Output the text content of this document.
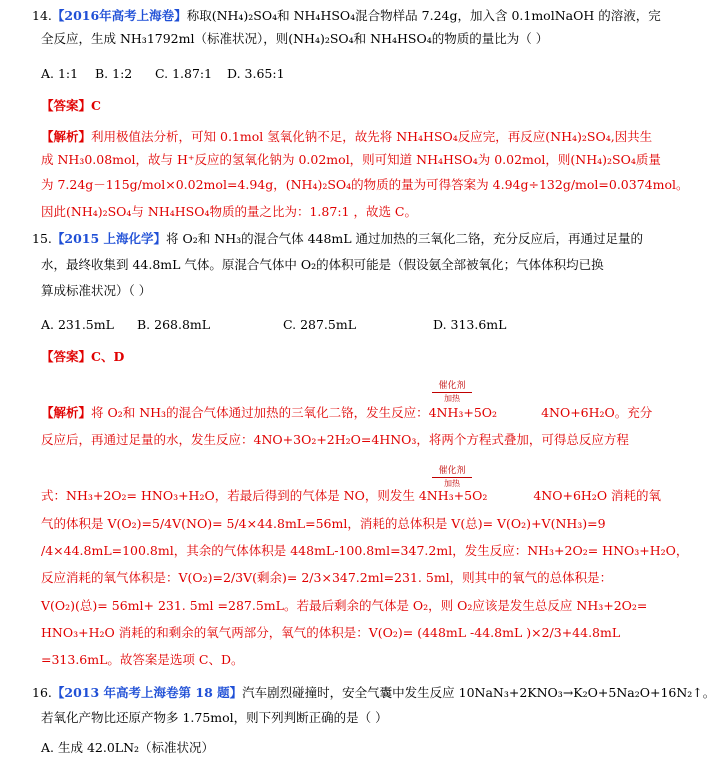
14.【2016年高考上海卷】称取(NH₄)₂SO₄和 NH₄HSO₄混合物样品 7.24g，加入含 0.1molNaOH 的溶液，完
全反应，生成 NH₃1792ml（标准状况），则(NH₄)₂SO₄和 NH₄HSO₄的物质的量比为（ ）
A. 1:1 B. 1:2 C. 1.87:1 D. 3.65:1
【答案】C
【解析】利用极值法分析，可知 0.1mol 氢氧化钠不足，故先将 NH₄HSO₄反应完，再反应(NH₄)₂SO₄,因共生
成 NH₃0.08mol，故与 H⁺反应的氢氧化钠为 0.02mol，则可知道 NH₄HSO₄为 0.02mol，则(NH₄)₂SO₄质量
为 7.24g－115g/mol×0.02mol=4.94g，(NH₄)₂SO₄的物质的量为可得答案为 4.94g÷132g/mol=0.0374mol。
因此(NH₄)₂SO₄与 NH₄HSO₄物质的量之比为：1.87:1 ，故选 C。
15.【2015 上海化学】将 O₂和 NH₃的混合气体 448mL 通过加热的三氧化二铬，充分反应后，再通过足量的
水，最终收集到 44.8mL 气体。原混合气体中 O₂的体积可能是（假设氨全部被氧化；气体体积均已换
算成标准状况）（ ）
A. 231.5mL B. 268.8mL	C. 287.5mL	D. 313.6mL
【答案】C、D
催化剂
加热
【解析】将 O₂和 NH₃的混合气体通过加热的三氧化二铬，发生反应：4NH₃+5O₂	4NO+6H₂O。充分
反应后，再通过足量的水，发生反应：4NO+3O₂+2H₂O=4HNO₃，将两个方程式叠加，可得总反应方程
催化剂
加热
式：NH₃+2O₂= HNO₃+H₂O，若最后得到的气体是 NO，则发生 4NH₃+5O₂	4NO+6H₂O 消耗的氧
气的体积是 V(O₂)=5/4V(NO)= 5/4×44.8mL=56ml，消耗的总体积是 V(总)= V(O₂)+V(NH₃)=9
/4×44.8mL=100.8ml，其余的气体体积是 448mL-100.8ml=347.2ml，发生反应：NH₃+2O₂= HNO₃+H₂O，
反应消耗的氧气体积是：V(O₂)=2/3V(剩余)= 2/3×347.2ml=231. 5ml，则其中的氧气的总体积是：
V(O₂)(总)= 56ml+ 231. 5ml =287.5mL。若最后剩余的气体是 O₂，则 O₂应该是发生总反应 NH₃+2O₂=
HNO₃+H₂O 消耗的和剩余的氧气两部分，氧气的体积是：V(O₂)= (448mL -44.8mL )×2/3+44.8mL
=313.6mL。故答案是选项 C、D。
16.【2013 年高考上海卷第 18 题】汽车剧烈碰撞时，安全气囊中发生反应 10NaN₃+2KNO₃→K₂O+5Na₂O+16N₂↑。
若氧化产物比还原产物多 1.75mol，则下列判断正确的是（ ）
A. 生成 42.0LN₂（标准状况）
